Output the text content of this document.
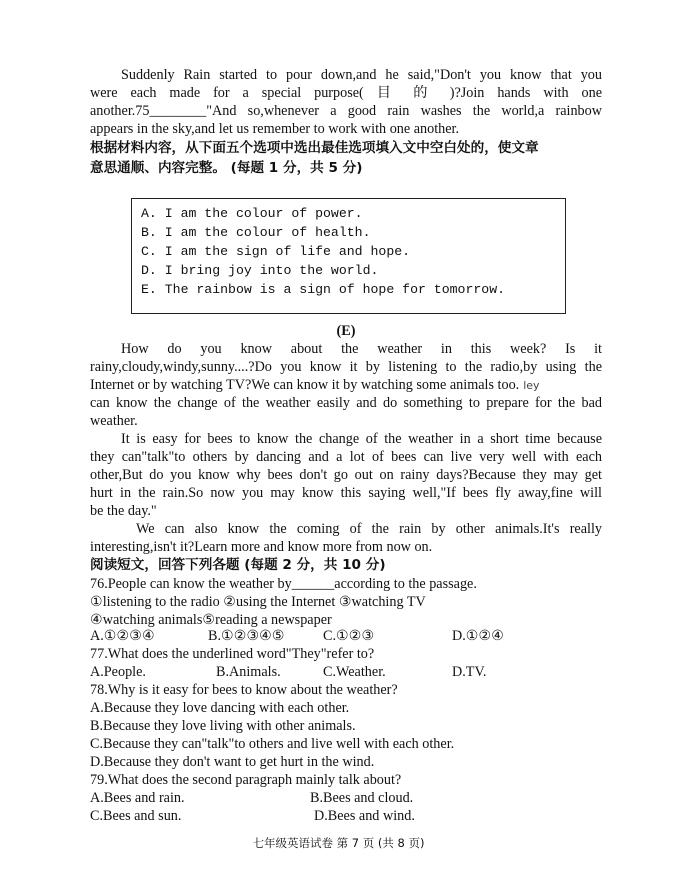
Suddenly Rain started to pour down,and he said,"Don't you know that you
were each made for a special purpose( 目 的 )?Join hands with one
another.75________"And so,whenever a good rain washes the world,a rainbow
appears in the sky,and let us remember to work with one another.
根据材料内容，从下面五个选项中选出最佳选项填入文中空白处的，使文章
意思通顺、内容完整。 (每题 1 分，共 5 分)
A. I am the colour of power.
B. I am the colour of health.
C. I am the sign of life and hope.
D. I bring joy into the world.
E. The rainbow is a sign of hope for tomorrow.
(E)
How do you know about the weather in this week? Is it
rainy,cloudy,windy,sunny....?Do you know it by listening to the radio,by using the
Internet or by watching TV?We can know it by watching some animals too. ley
can know the change of the weather easily and do something to prepare for the bad
weather.
It is easy for bees to know the change of the weather in a short time because
they can"talk"to others by dancing and a lot of bees can live very well with each
other,But do you know why bees don't go out on rainy days?Because they may get
hurt in the rain.So now you may know this saying well,"If bees fly away,fine will
be the day."
We can also know the coming of the rain by other animals.It's really
interesting,isn't it?Learn more and know more from now on.
阅读短文，回答下列各题 (每题 2 分，共 10 分)
76.People can know the weather by______according to the passage.
①listening to the radio ②using the Internet ③watching TV
④watching animals⑤reading a newspaper
A.①②③④	B.①②③④⑤	C.①②③	D.①②④
77.What does the underlined word"They"refer to?
A.People.	B.Animals.	C.Weather.	D.TV.
78.Why is it easy for bees to know about the weather?
A.Because they love dancing with each other.
B.Because they love living with other animals.
C.Because they can"talk"to others and live well with each other.
D.Because they don't want to get hurt in the wind.
79.What does the second paragraph mainly talk about?
A.Bees and rain.	B.Bees and cloud.
C.Bees and sun.	D.Bees and wind.
七年级英语试卷 第 7 页 (共 8 页)
